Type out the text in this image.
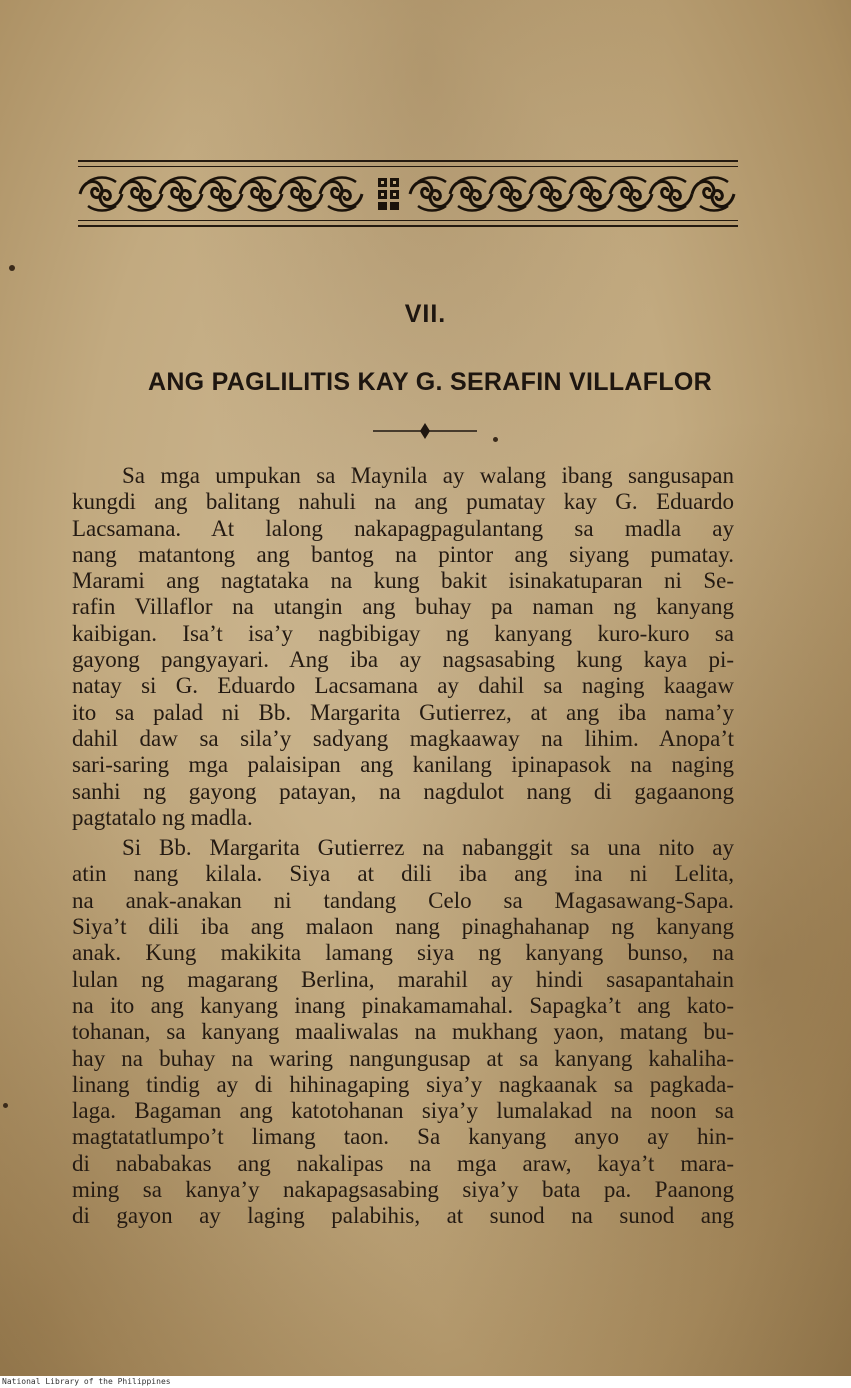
VII.
ANG PAGLILITIS KAY G. SERAFIN VILLAFLOR
Sa mga umpukan sa Maynila ay walang ibang sangusapan
kungdi ang balitang nahuli na ang pumatay kay G. Eduardo
Lacsamana. At lalong nakapagpagulantang sa madla ay
nang matantong ang bantog na pintor ang siyang pumatay.
Marami ang nagtataka na kung bakit isinakatuparan ni Se-
rafin Villaflor na utangin ang buhay pa naman ng kanyang
kaibigan. Isa’t isa’y nagbibigay ng kanyang kuro-kuro sa
gayong pangyayari. Ang iba ay nagsasabing kung kaya pi-
natay si G. Eduardo Lacsamana ay dahil sa naging kaagaw
ito sa palad ni Bb. Margarita Gutierrez, at ang iba nama’y
dahil daw sa sila’y sadyang magkaaway na lihim. Anopa’t
sari-saring mga palaisipan ang kanilang ipinapasok na naging
sanhi ng gayong patayan, na nagdulot nang di gagaanong
pagtatalo ng madla.
Si Bb. Margarita Gutierrez na nabanggit sa una nito ay
atin nang kilala. Siya at dili iba ang ina ni Lelita,
na anak-anakan ni tandang Celo sa Magasawang-Sapa.
Siya’t dili iba ang malaon nang pinaghahanap ng kanyang
anak. Kung makikita lamang siya ng kanyang bunso, na
lulan ng magarang Berlina, marahil ay hindi sasapantahain
na ito ang kanyang inang pinakamamahal. Sapagka’t ang kato-
tohanan, sa kanyang maaliwalas na mukhang yaon, matang bu-
hay na buhay na waring nangungusap at sa kanyang kahaliha-
linang tindig ay di hihinagaping siya’y nagkaanak sa pagkada-
laga. Bagaman ang katotohanan siya’y lumalakad na noon sa
magtatatlumpo’t limang taon. Sa kanyang anyo ay hin-
di nababakas ang nakalipas na mga araw, kaya’t mara-
ming sa kanya’y nakapagsasabing siya’y bata pa. Paanong
di gayon ay laging palabihis, at sunod na sunod ang
National Library of the Philippines
